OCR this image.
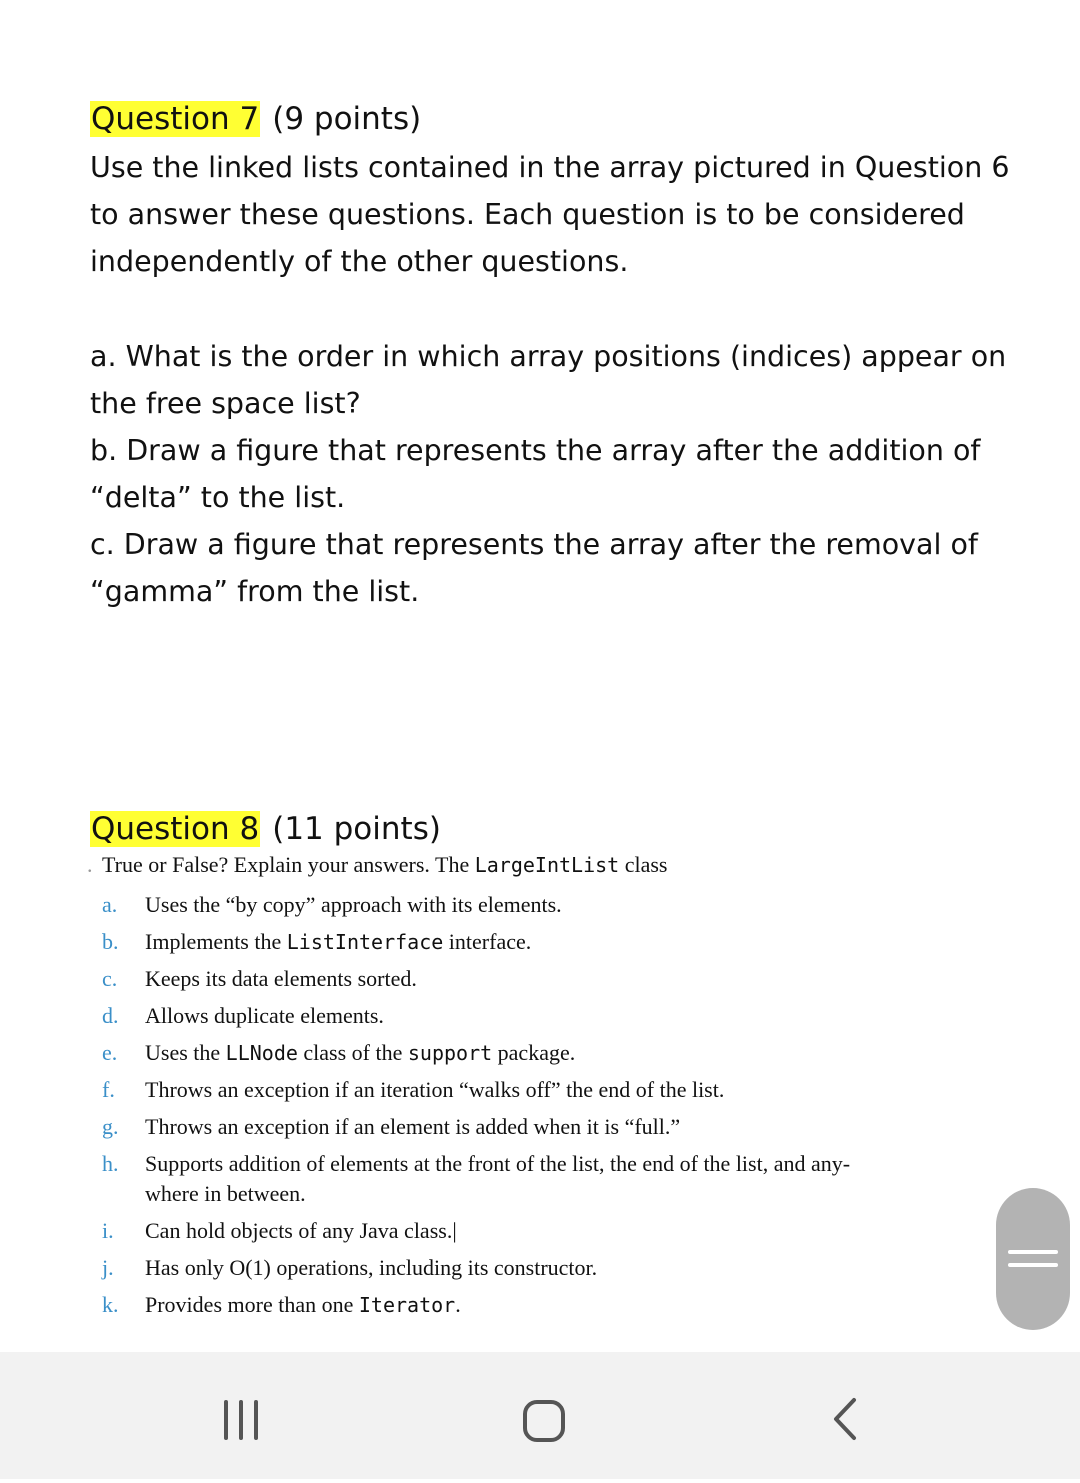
Question 7 (9 points)
Use the linked lists contained in the array pictured in Question 6 to answer these questions. Each question is to be considered independently of the other questions.
a. What is the order in which array positions (indices) appear on the free space list?
b. Draw a figure that represents the array after the addition of “delta” to the list.
c. Draw a figure that represents the array after the removal of “gamma” from the list.
Question 8 (11 points)
. True or False? Explain your answers. The LargeIntList class
a.	Uses the “by copy” approach with its elements.
b.	Implements the ListInterface interface.
c.	Keeps its data elements sorted.
d.	Allows duplicate elements.
e.	Uses the LLNode class of the support package.
f.	Throws an exception if an iteration “walks off” the end of the list.
g.	Throws an exception if an element is added when it is “full.”
h.	Supports addition of elements at the front of the list, the end of the list, and any-
where in between.
i.	Can hold objects of any Java class.|
j.	Has only O(1) operations, including its constructor.
k.	Provides more than one Iterator.
